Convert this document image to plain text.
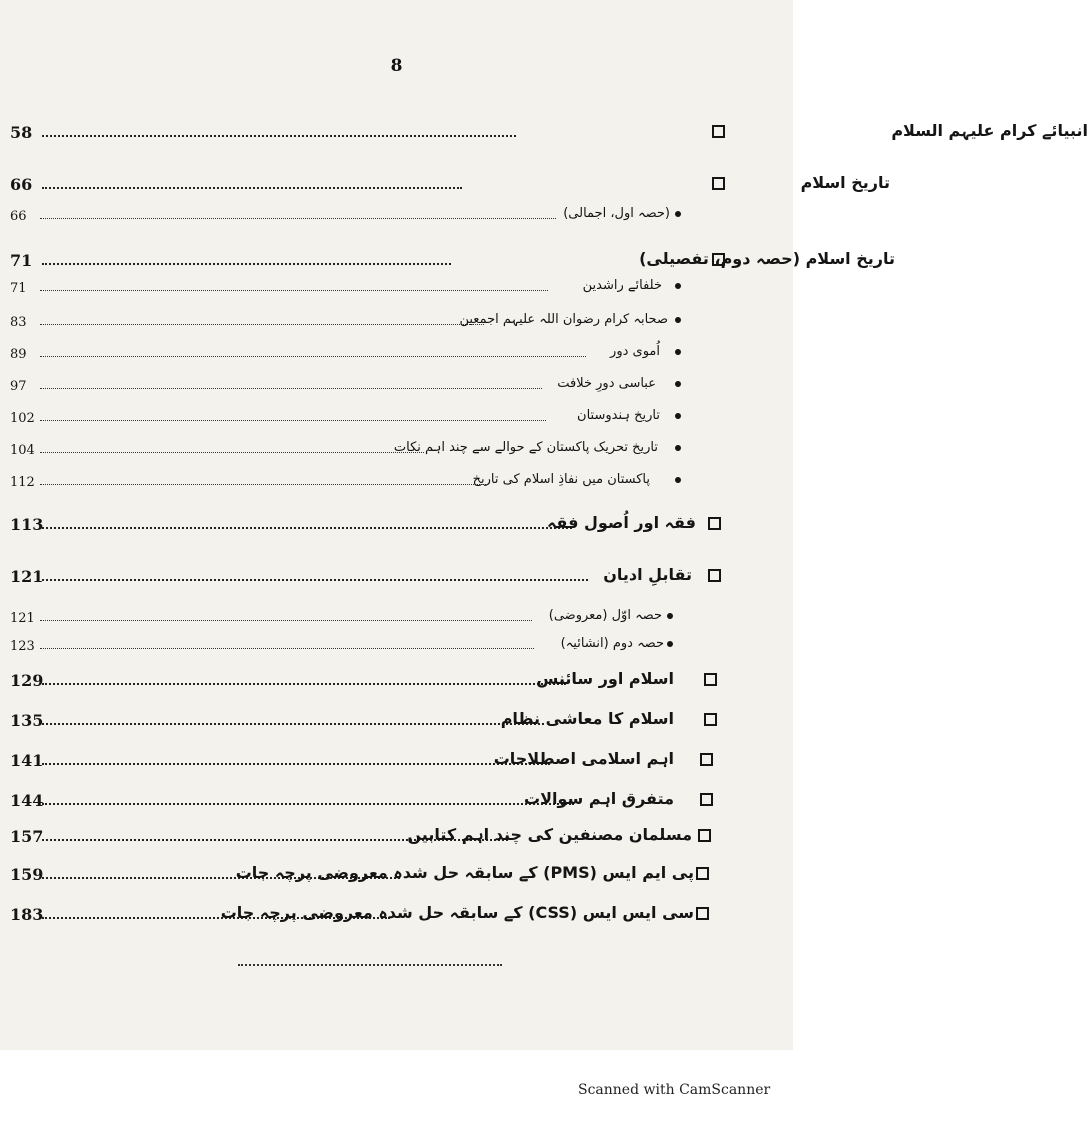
8
58	انبیائے کرام علیہم السلام
66	تاریخ اسلام
66	(حصہ اول، اجمالی)
71	تاریخ اسلام (حصہ دوم، تفصیلی)
71	خلفائے راشدین
83	صحابہ کرام رضوان اللہ علیہم اجمعین
89	اُموی دور
97	عباسی دورِ خلافت
102	تاریخ ہندوستان
104	تاریخ تحریک پاکستان کے حوالے سے چند اہم نکات
112	پاکستان میں نفاذِ اسلام کی تاریخ
113	فقہ اور اُصول فقہ
121	تقابلِ ادیان
121	حصہ اوّل (معروضی)
123	حصہ دوم (انشائیہ)
129	اسلام اور سائنس
135	اسلام کا معاشی نظام
141	اہم اسلامی اصطلاحات
144	متفرق اہم سوالات
157	مسلمان مصنفین کی چند اہم کتابیں
159	پی ایم ایس (PMS) کے سابقہ حل شدہ معروضی پرچہ جات
183	سی ایس ایس (CSS) کے سابقہ حل شدہ معروضی پرچہ جات
Scanned with CamScanner
